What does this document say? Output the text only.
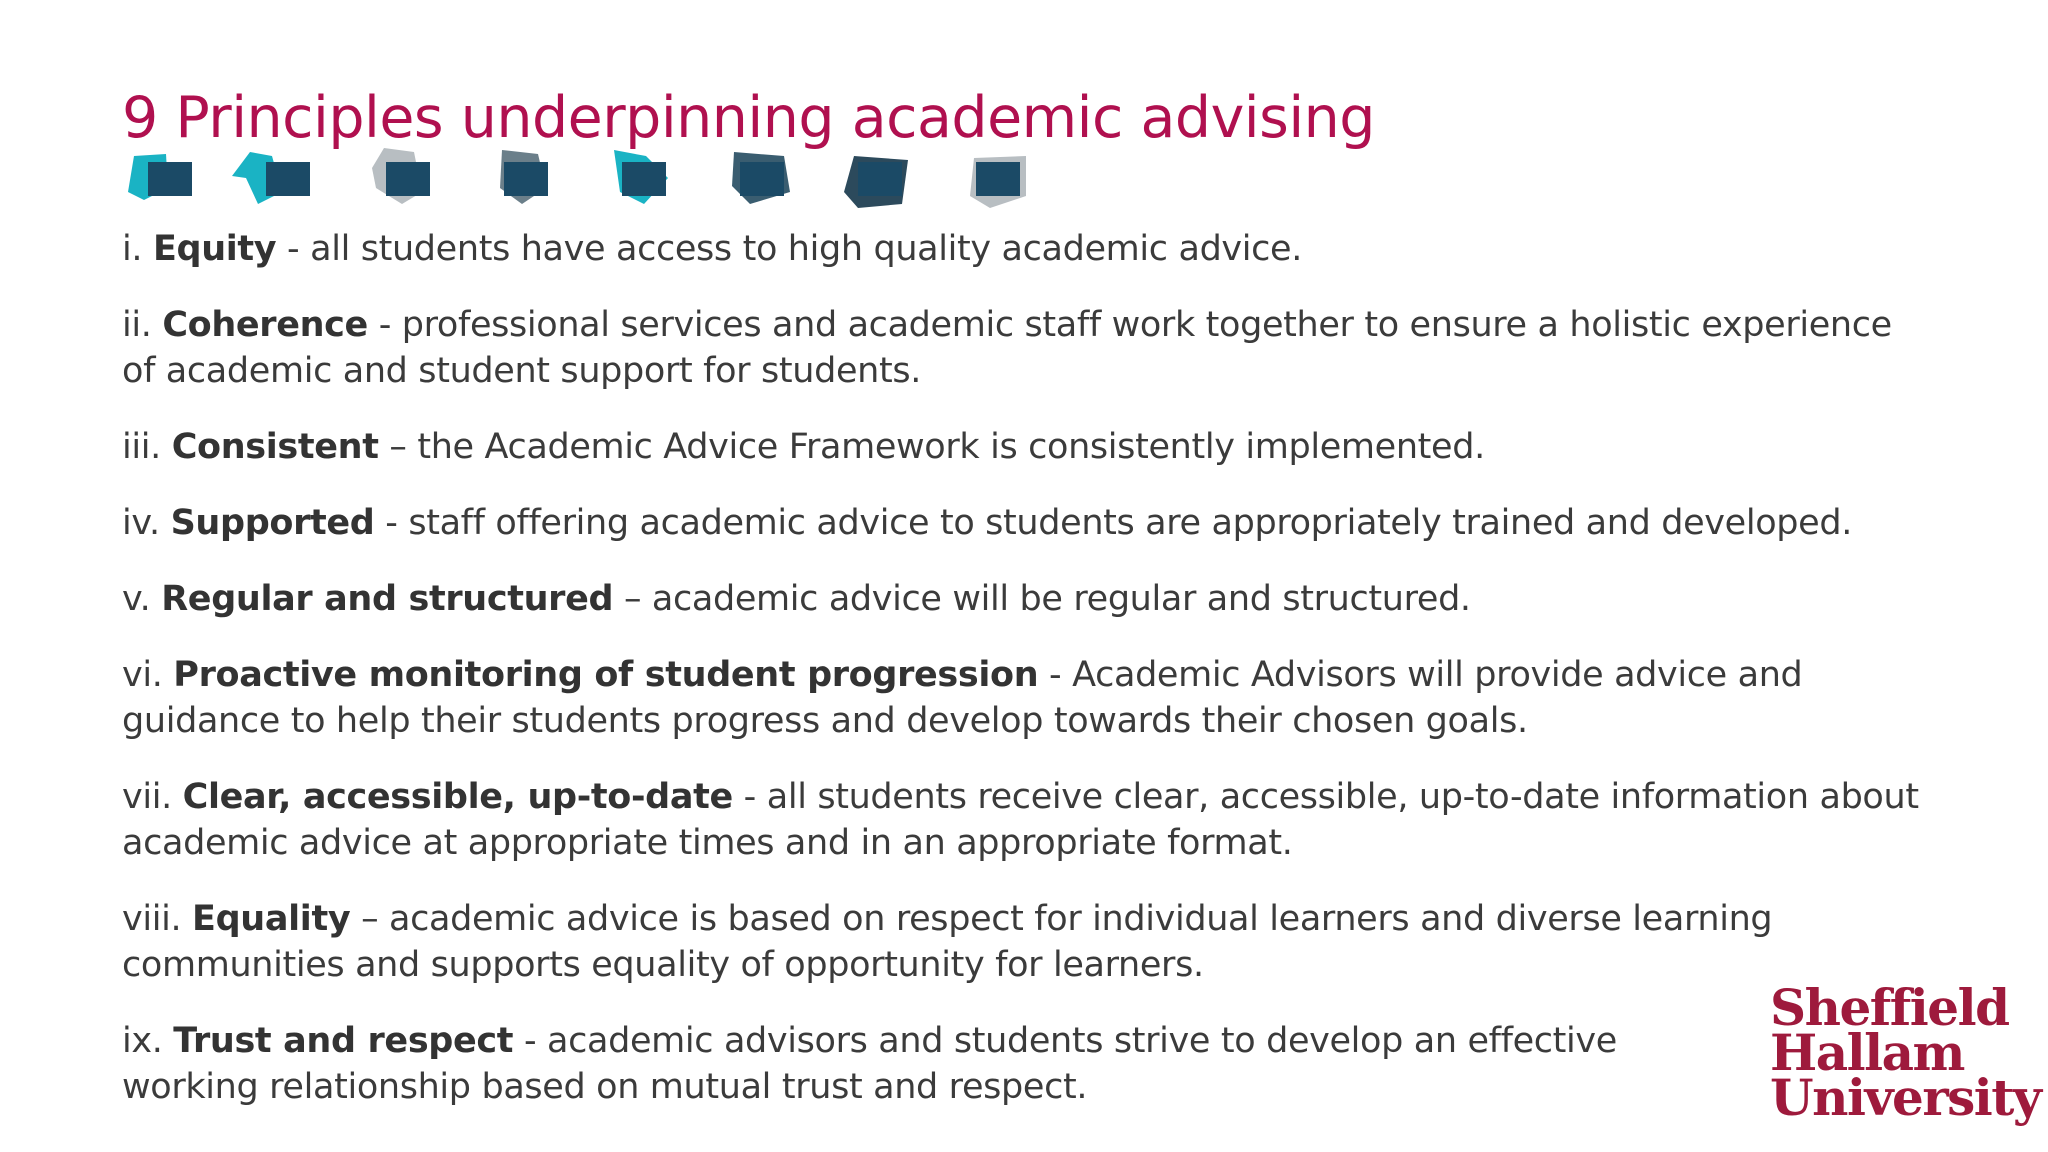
9 Principles underpinning academic advising
i. Equity - all students have access to high quality academic advice.
ii. Coherence - professional services and academic staff work together to ensure a holistic experience of academic and student support for students.
iii. Consistent – the Academic Advice Framework is consistently implemented.
iv. Supported - staff offering academic advice to students are appropriately trained and developed.
v. Regular and structured – academic advice will be regular and structured.
vi. Proactive monitoring of student progression - Academic Advisors will provide advice and guidance to help their students progress and develop towards their chosen goals.
vii. Clear, accessible, up-to-date - all students receive clear, accessible, up-to-date information about academic advice at appropriate times and in an appropriate format.
viii. Equality – academic advice is based on respect for individual learners and diverse learning communities and supports equality of opportunity for learners.
ix. Trust and respect - academic advisors and students strive to develop an effective working relationship based on mutual trust and respect.
Sheffield
Hallam
University
